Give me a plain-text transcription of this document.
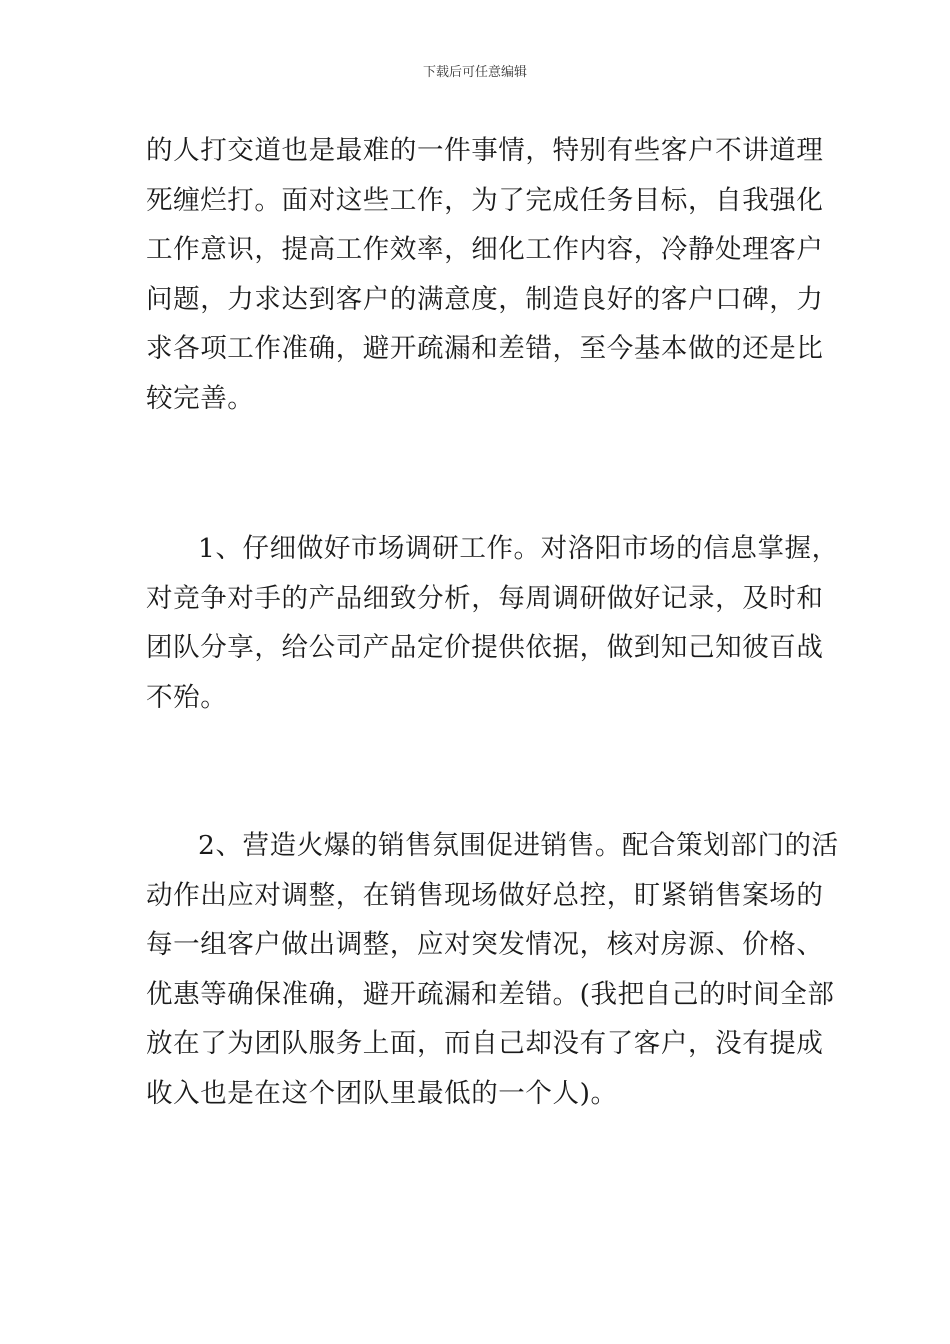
下载后可任意编辑
的人打交道也是最难的一件事情，特别有些客户不讲道理
死缠烂打。面对这些工作，为了完成任务目标，自我强化
工作意识，提高工作效率，细化工作内容，冷静处理客户
问题，力求达到客户的满意度，制造良好的客户口碑，力
求各项工作准确，避开疏漏和差错，至今基本做的还是比
较完善。
1、仔细做好市场调研工作。对洛阳市场的信息掌握，
对竞争对手的产品细致分析，每周调研做好记录，及时和
团队分享，给公司产品定价提供依据，做到知己知彼百战
不殆。
2、营造火爆的销售氛围促进销售。配合策划部门的活
动作出应对调整，在销售现场做好总控，盯紧销售案场的
每一组客户做出调整，应对突发情况，核对房源、价格、
优惠等确保准确，避开疏漏和差错。(我把自己的时间全部
放在了为团队服务上面，而自己却没有了客户，没有提成
收入也是在这个团队里最低的一个人)。
